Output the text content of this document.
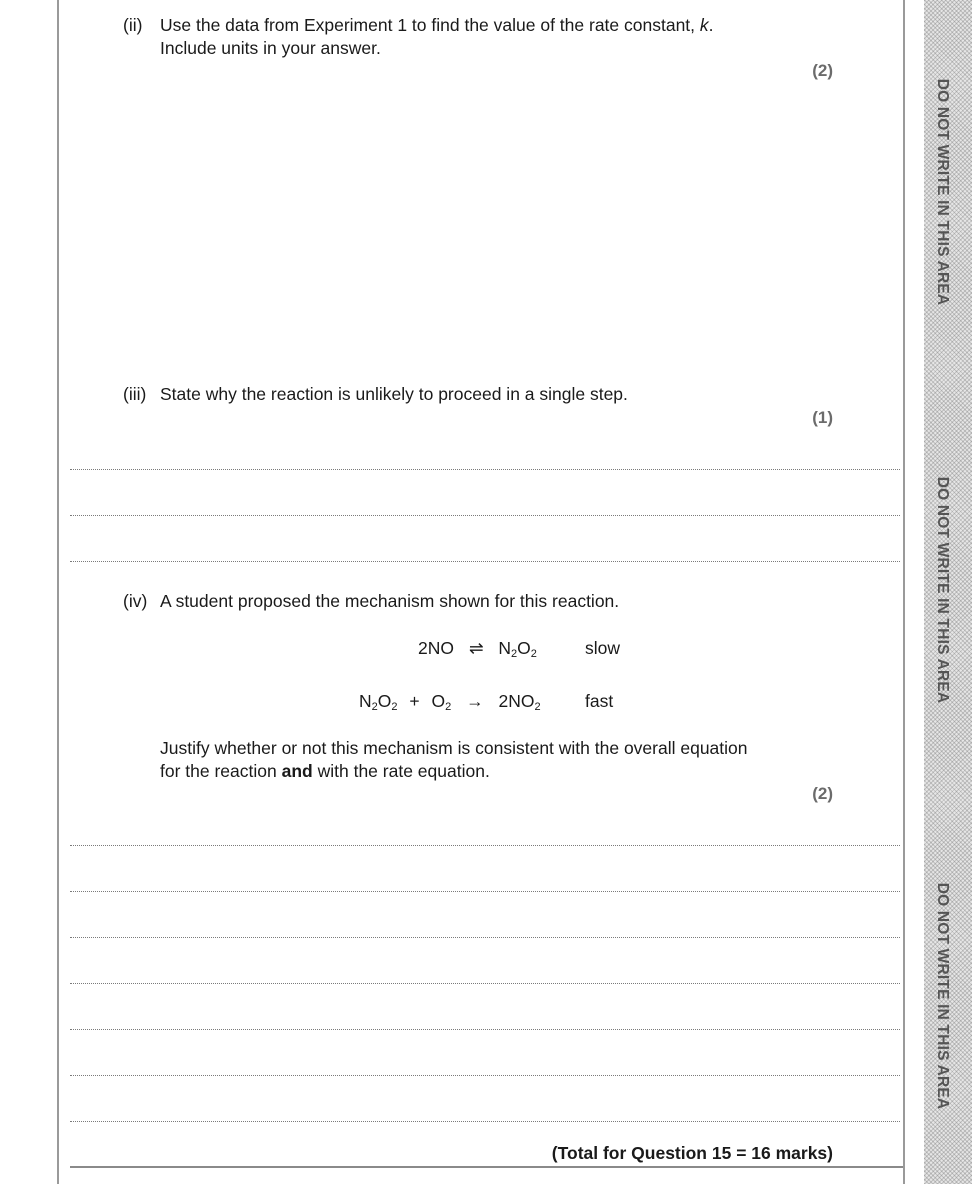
DO NOT WRITE IN THIS AREA
DO NOT WRITE IN THIS AREA
DO NOT WRITE IN THIS AREA
(ii) Use the data from Experiment 1 to find the value of the rate constant, k.
Include units in your answer.
(2)
(iii) State why the reaction is unlikely to proceed in a single step.
(1)
(iv) A student proposed the mechanism shown for this reaction.
2NO ⇌ $N_2O_2$	slow
$N_2O_2 + O_2 \to 2NO_2$	fast
Justify whether or not this mechanism is consistent with the overall equation
for the reaction and with the rate equation.
(2)
(Total for Question 15 = 16 marks)
